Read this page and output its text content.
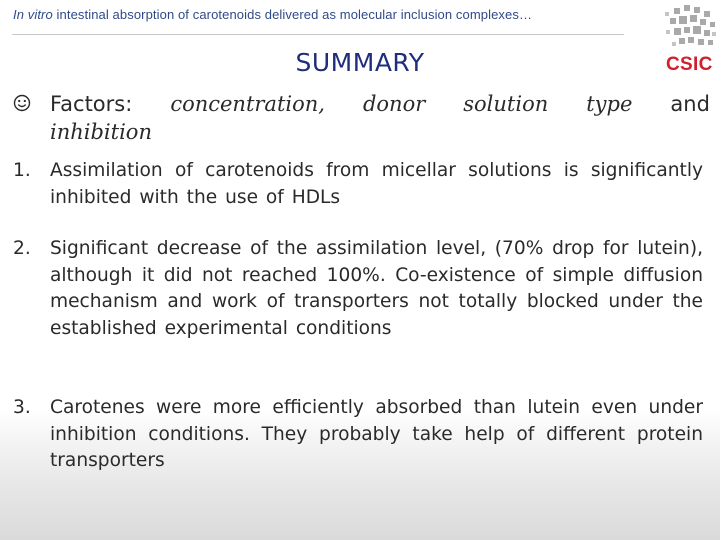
In vitro intestinal absorption of carotenoids delivered as molecular inclusion complexes…
CSIC
SUMMARY
Factors: concentration, donor solution type and
inhibition
1. Assimilation of carotenoids from micellar solutions is significantly inhibited with the use of HDLs
2. Significant decrease of the assimilation level, (70% drop for lutein), although it did not reached 100%. Co-existence of simple diffusion mechanism and work of transporters not totally blocked under the established experimental conditions
3. Carotenes were more efficiently absorbed than lutein even under inhibition conditions. They probably take help of different protein transporters
